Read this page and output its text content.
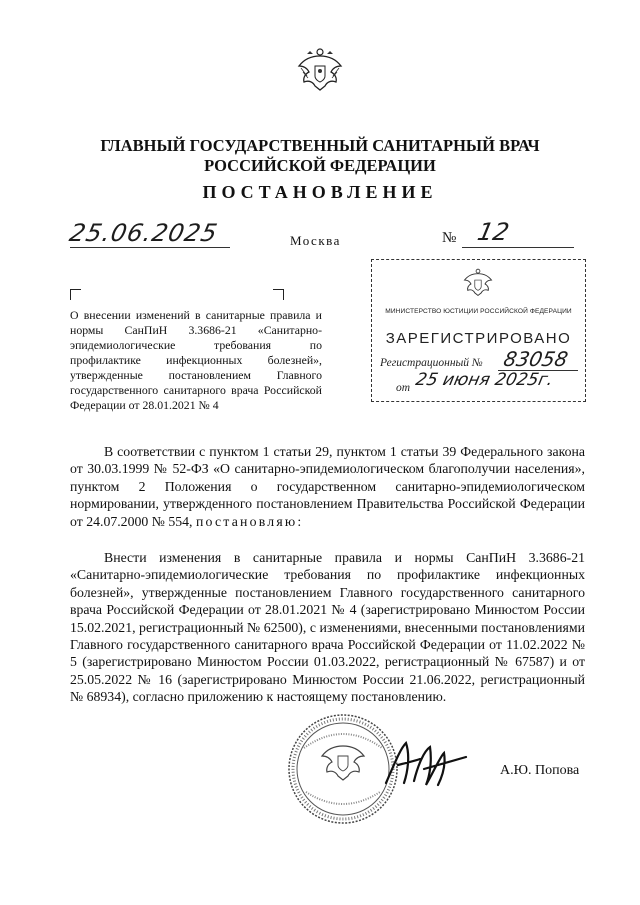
ГЛАВНЫЙ ГОСУДАРСТВЕННЫЙ САНИТАРНЫЙ ВРАЧ
РОССИЙСКОЙ ФЕДЕРАЦИИ
ПОСТАНОВЛЕНИЕ
25.06.2025	Москва	№ 12
О внесении изменений в санитарные правила и нормы СанПиН 3.3686-21 «Санитарно-эпидемиологические требования по профилактике инфекционных болезней», утвержденные постановлением Главного государственного санитарного врача Российской Федерации от 28.01.2021 № 4
МИНИСТЕРСТВО ЮСТИЦИИ РОССИЙСКОЙ ФЕДЕРАЦИИ
ЗАРЕГИСТРИРОВАНО
Регистрационный № 83058
от 25 июня 2025г.
В соответствии с пунктом 1 статьи 29, пунктом 1 статьи 39 Федерального закона от 30.03.1999 № 52-ФЗ «О санитарно-эпидемиологическом благополучии населения», пунктом 2 Положения о государственном санитарно-эпидемиологическом нормировании, утвержденного постановлением Правительства Российской Федерации от 24.07.2000 № 554, постановляю:
Внести изменения в санитарные правила и нормы СанПиН 3.3686-21 «Санитарно-эпидемиологические требования по профилактике инфекционных болезней», утвержденные постановлением Главного государственного санитарного врача Российской Федерации от 28.01.2021 № 4 (зарегистрировано Минюстом России 15.02.2021, регистрационный № 62500), с изменениями, внесенными постановлениями Главного государственного санитарного врача Российской Федерации от 11.02.2022 № 5 (зарегистрировано Минюстом России 01.03.2022, регистрационный № 67587) и от 25.05.2022 № 16 (зарегистрировано Минюстом России 21.06.2022, регистрационный № 68934), согласно приложению к настоящему постановлению.
А.Ю. Попова
